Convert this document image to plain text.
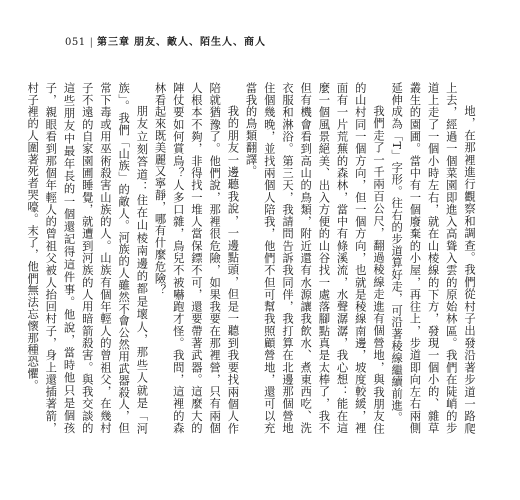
051 | 第三章 朋友、敵人、陌生人、商人

地，在那裡進行觀察和調查。我們從村子出發沿著步道一路爬上去，經過一個菜園即進入高聳入雲的原始林區。我們在陡峭的步道上走了一個小時左右，就在山棱線的下方，發現一個小的、雜草叢生的園圃。當中有一個廢棄的小屋，再往上，步道即向左右兩側延伸成為「T」字形。往右的步道算好走，可沿著稜線繼續前進。

我們走了一千兩百公尺，翻過稜線走進有個營地，與我朋友住的山村同一個方向，但一個方向，也就是稜線南邊，坡度較緩，裡面有一片荒蕪的森林，當中有條溪流，水聲潺潺，我心想：能在這麼一個風景絕美、出入方便的山谷找一處落腳點真是太棒了，我不但有機會看到高山的鳥類，附近還有水源讓我飲水、煮東西吃、洗衣服和淋浴。第三天，我請問告訴我同伴，我打算在北邊那個營地住個幾晚，並找兩個人陪我，他們不但可幫我照顧營地，還可以充當我的鳥類翻譯。

我的朋友一邊聽我說，一邊點頭，但是一聽到我要找兩個人作陪就猶豫了。他們說，那裡很危險，如果我要在那裡營，只有兩個人根本不夠，非得找一堆人當保鏢不可，還要帶著武器。這麼大的陣仗要如何賞鳥？人多口雜，鳥兒不被嚇跑才怪。我問，這裡的森林看起來既美麗又寧靜，哪有什麼危險？

朋友立刻答道：住在山棱南邊的都是壞人，那些人就是「河族」。我們「山族」的敵人。河族的人雖然不會公然用武器殺人，但常下毒或用巫術殺害山族的人。山族有個年輕人的曾祖父，在幾村子不遠的自家園圃睡覺，就遭到河族的人用暗箭殺害。與我交談的這些朋友中最年長的一個還記得這件事。他說，當時他只是個孩子，親眼看到那個年輕人的曾祖父被人抬回村子，身上還插著箭，村子裡的人圍著死者哭嚎。末了，他們無法忘懷那種恐懼。
